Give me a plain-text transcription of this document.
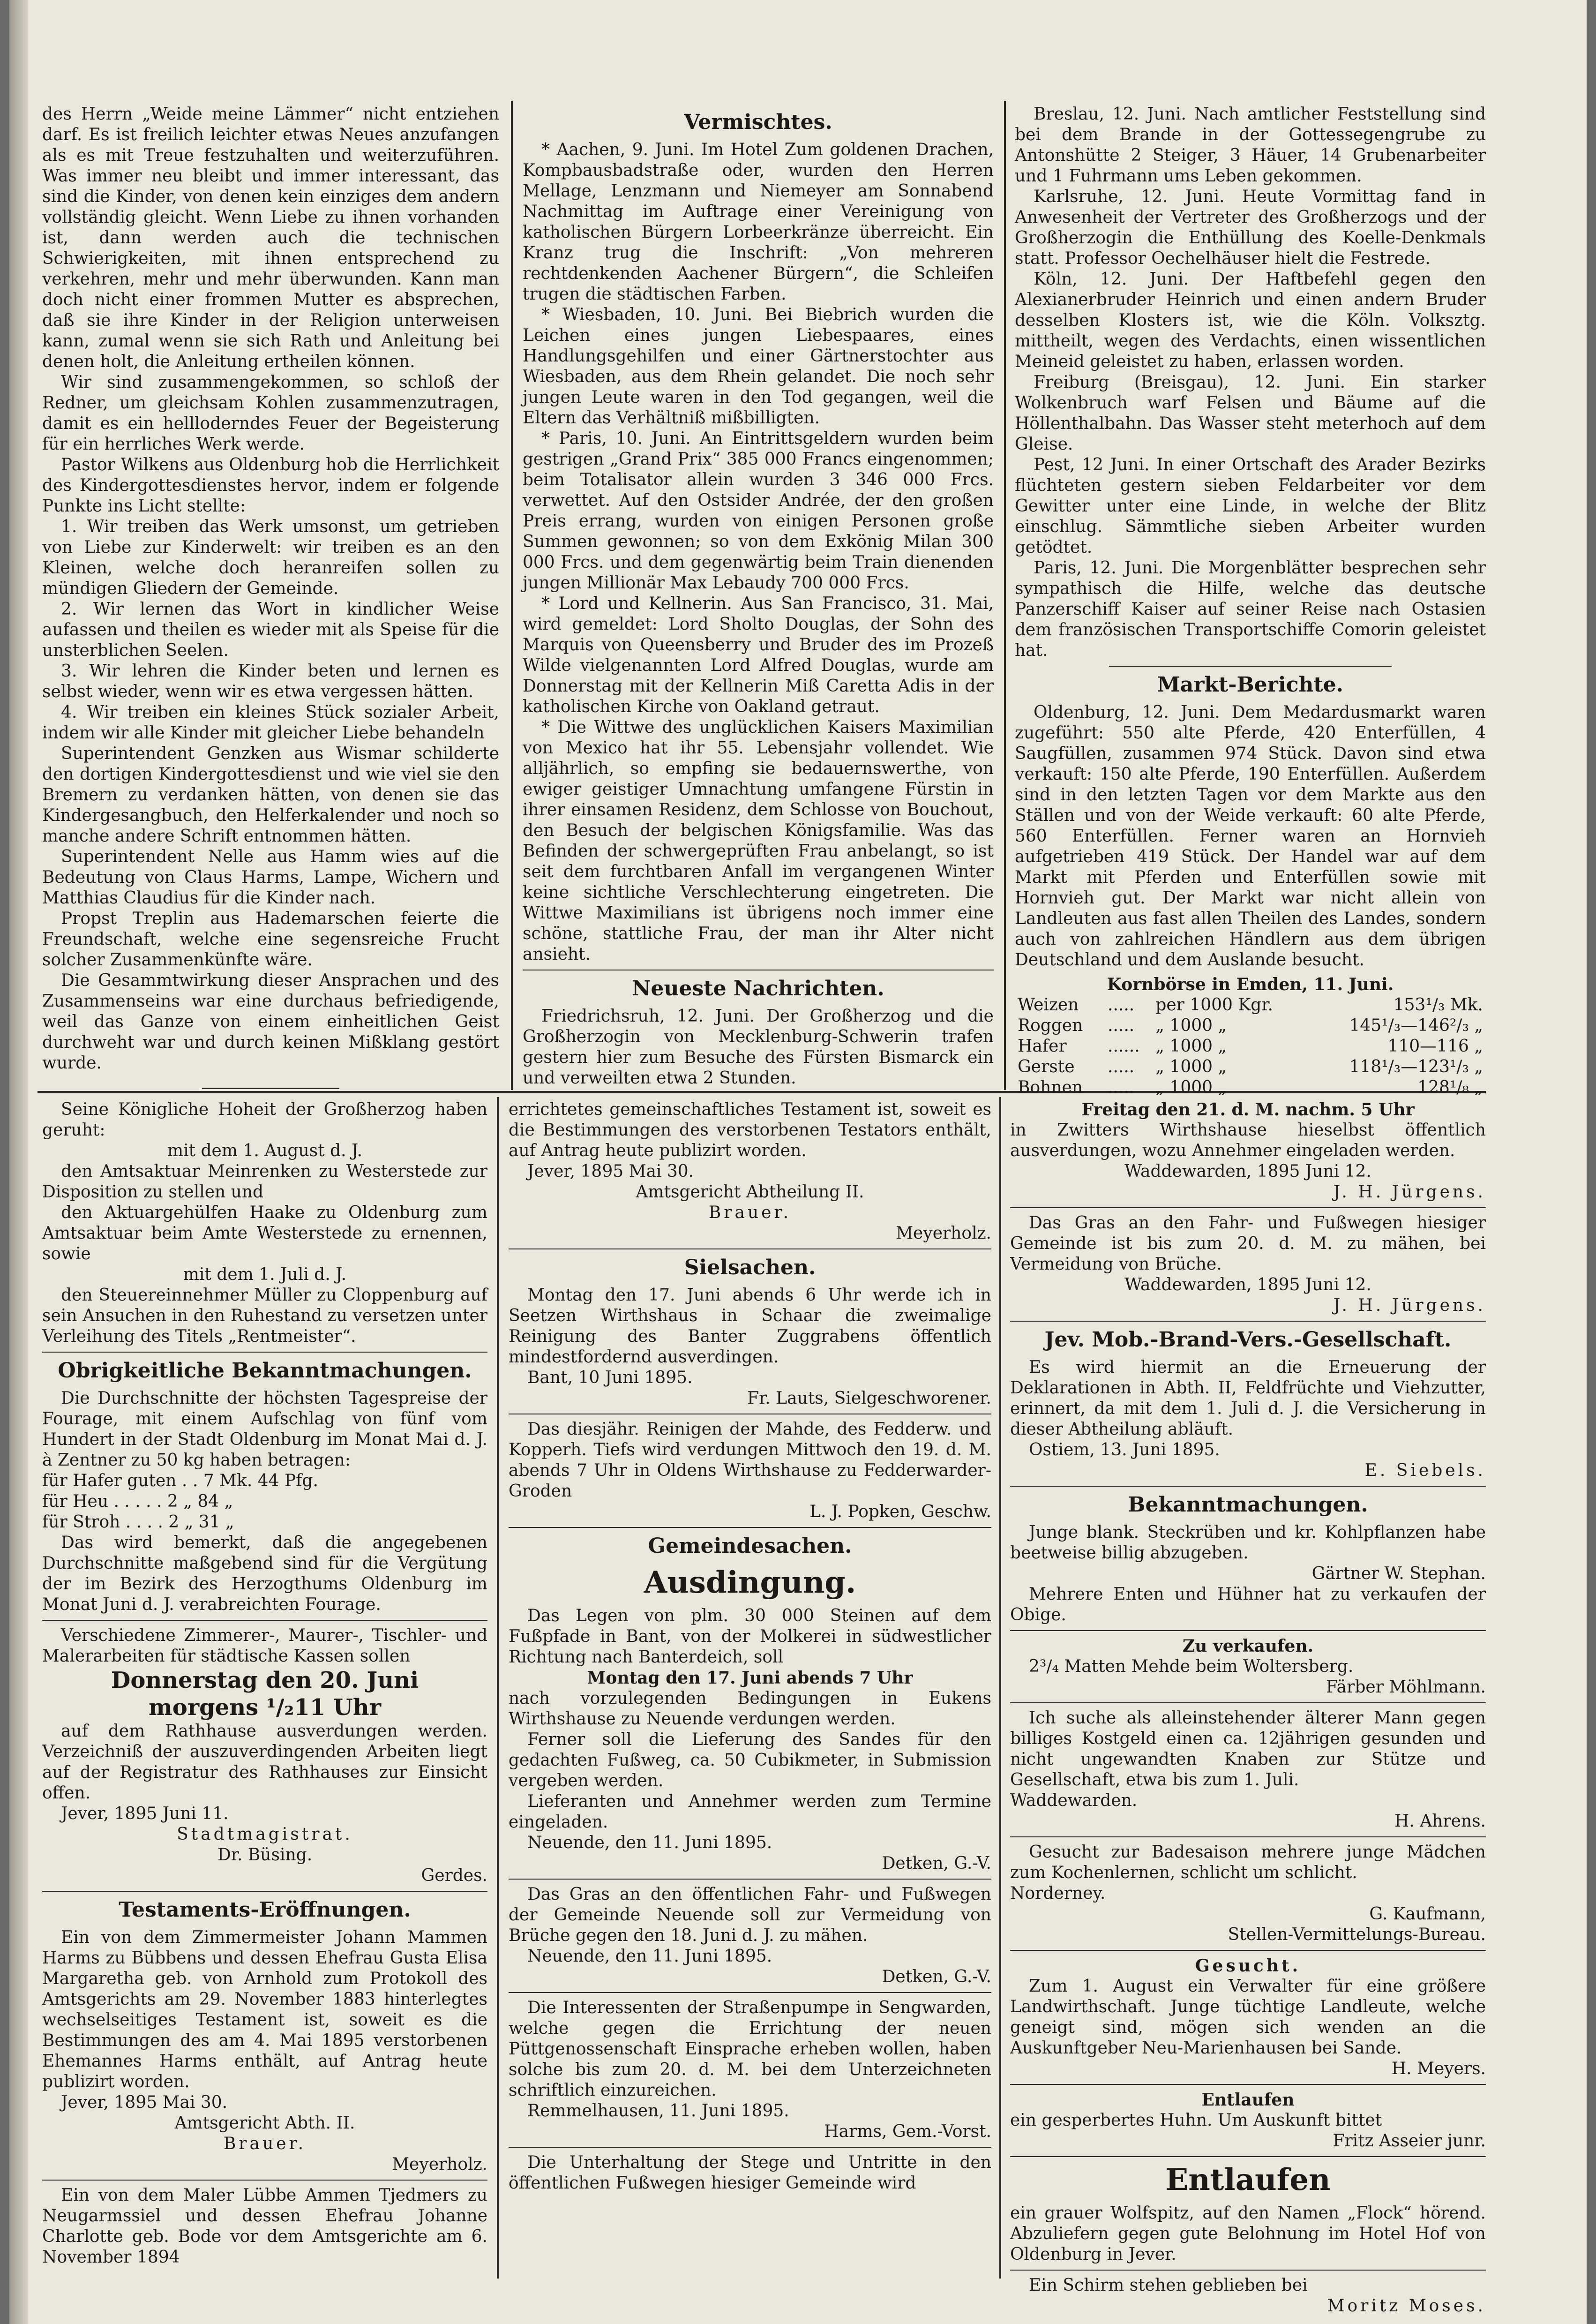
des Herrn „Weide meine Lämmer“ nicht entziehen darf. Es ist freilich leichter etwas Neues anzufangen als es mit Treue festzuhalten und weiterzuführen. Was immer neu bleibt und immer interessant, das sind die Kinder, von denen kein einziges dem andern vollständig gleicht. Wenn Liebe zu ihnen vorhanden ist, dann werden auch die technischen Schwierigkeiten, mit ihnen entsprechend zu verkehren, mehr und mehr überwunden. Kann man doch nicht einer frommen Mutter es absprechen, daß sie ihre Kinder in der Religion unterweisen kann, zumal wenn sie sich Rath und Anleitung bei denen holt, die Anleitung ertheilen können.

Wir sind zusammengekommen, so schloß der Redner, um gleichsam Kohlen zusammenzutragen, damit es ein hellloderndes Feuer der Begeisterung für ein herrliches Werk werde.

Pastor Wilkens aus Oldenburg hob die Herrlichkeit des Kindergottesdienstes hervor, indem er folgende Punkte ins Licht stellte:

1. Wir treiben das Werk umsonst, um getrieben von Liebe zur Kinderwelt: wir treiben es an den Kleinen, welche doch heranreifen sollen zu mündigen Gliedern der Gemeinde.

2. Wir lernen das Wort in kindlicher Weise aufassen und theilen es wieder mit als Speise für die unsterblichen Seelen.

3. Wir lehren die Kinder beten und lernen es selbst wieder, wenn wir es etwa vergessen hätten.

4. Wir treiben ein kleines Stück sozialer Arbeit, indem wir alle Kinder mit gleicher Liebe behandeln

Superintendent Genzken aus Wismar schilderte den dortigen Kindergottesdienst und wie viel sie den Bremern zu verdanken hätten, von denen sie das Kindergesangbuch, den Helferkalender und noch so manche andere Schrift entnommen hätten.

Superintendent Nelle aus Hamm wies auf die Bedeutung von Claus Harms, Lampe, Wichern und Matthias Claudius für die Kinder nach.

Propst Treplin aus Hademarschen feierte die Freundschaft, welche eine segensreiche Frucht solcher Zusammenkünfte wäre.

Die Gesammtwirkung dieser Ansprachen und des Zusammenseins war eine durchaus befriedigende, weil das Ganze von einem einheitlichen Geist durchweht war und durch keinen Mißklang gestört wurde.

Vermischtes.

* Aachen, 9. Juni. Im Hotel Zum goldenen Drachen, Kompbausbadstraße oder, wurden den Herren Mellage, Lenzmann und Niemeyer am Sonnabend Nachmittag im Auftrage einer Vereinigung von katholischen Bürgern Lorbeerkränze überreicht. Ein Kranz trug die Inschrift: „Von mehreren rechtdenkenden Aachener Bürgern“, die Schleifen trugen die städtischen Farben.

* Wiesbaden, 10. Juni. Bei Biebrich wurden die Leichen eines jungen Liebespaares, eines Handlungsgehilfen und einer Gärtnerstochter aus Wiesbaden, aus dem Rhein gelandet. Die noch sehr jungen Leute waren in den Tod gegangen, weil die Eltern das Verhältniß mißbilligten.

* Paris, 10. Juni. An Eintrittsgeldern wurden beim gestrigen „Grand Prix“ 385 000 Francs eingenommen; beim Totalisator allein wurden 3 346 000 Frcs. verwettet. Auf den Ostsider Andrée, der den großen Preis errang, wurden von einigen Personen große Summen gewonnen; so von dem Exkönig Milan 300 000 Frcs. und dem gegenwärtig beim Train dienenden jungen Millionär Max Lebaudy 700 000 Frcs.

* Lord und Kellnerin. Aus San Francisco, 31. Mai, wird gemeldet: Lord Sholto Douglas, der Sohn des Marquis von Queensberry und Bruder des im Prozeß Wilde vielgenannten Lord Alfred Douglas, wurde am Donnerstag mit der Kellnerin Miß Caretta Adis in der katholischen Kirche von Oakland getraut.

* Die Wittwe des unglücklichen Kaisers Maximilian von Mexico hat ihr 55. Lebensjahr vollendet. Wie alljährlich, so empfing sie bedauernswerthe, von ewiger geistiger Umnachtung umfangene Fürstin in ihrer einsamen Residenz, dem Schlosse von Bouchout, den Besuch der belgischen Königsfamilie. Was das Befinden der schwergeprüften Frau anbelangt, so ist seit dem furchtbaren Anfall im vergangenen Winter keine sichtliche Verschlechterung eingetreten. Die Wittwe Maximilians ist übrigens noch immer eine schöne, stattliche Frau, der man ihr Alter nicht ansieht.

Neueste Nachrichten.

Friedrichsruh, 12. Juni. Der Großherzog und die Großherzogin von Mecklenburg-Schwerin trafen gestern hier zum Besuche des Fürsten Bismarck ein und verweilten etwa 2 Stunden.

Breslau, 12. Juni. Nach amtlicher Feststellung sind bei dem Brande in der Gottessegengrube zu Antonshütte 2 Steiger, 3 Häuer, 14 Grubenarbeiter und 1 Fuhrmann ums Leben gekommen.

Karlsruhe, 12. Juni. Heute Vormittag fand in Anwesenheit der Vertreter des Großherzogs und der Großherzogin die Enthüllung des Koelle-Denkmals statt. Professor Oechelhäuser hielt die Festrede.

Köln, 12. Juni. Der Haftbefehl gegen den Alexianerbruder Heinrich und einen andern Bruder desselben Klosters ist, wie die Köln. Volksztg. mittheilt, wegen des Verdachts, einen wissentlichen Meineid geleistet zu haben, erlassen worden.

Freiburg (Breisgau), 12. Juni. Ein starker Wolkenbruch warf Felsen und Bäume auf die Höllenthalbahn. Das Wasser steht meterhoch auf dem Gleise.

Pest, 12 Juni. In einer Ortschaft des Arader Bezirks flüchteten gestern sieben Feldarbeiter vor dem Gewitter unter eine Linde, in welche der Blitz einschlug. Sämmtliche sieben Arbeiter wurden getödtet.

Paris, 12. Juni. Die Morgenblätter besprechen sehr sympathisch die Hilfe, welche das deutsche Panzerschiff Kaiser auf seiner Reise nach Ostasien dem französischen Transportschiffe Comorin geleistet hat.

Markt-Berichte.

Oldenburg, 12. Juni. Dem Medardusmarkt waren zugeführt: 550 alte Pferde, 420 Enterfüllen, 4 Saugfüllen, zusammen 974 Stück. Davon sind etwa verkauft: 150 alte Pferde, 190 Enterfüllen. Außerdem sind in den letzten Tagen vor dem Markte aus den Ställen und von der Weide verkauft: 60 alte Pferde, 560 Enterfüllen. Ferner waren an Hornvieh aufgetrieben 419 Stück. Der Handel war auf dem Markt mit Pferden und Enterfüllen sowie mit Hornvieh gut. Der Markt war nicht allein von Landleuten aus fast allen Theilen des Landes, sondern auch von zahlreichen Händlern aus dem übrigen Deutschland und dem Auslande besucht.

Kornbörse in Emden, 11. Juni.
Weizen	.....	per 1000 Kgr.	153¹/₃ Mk.
Roggen	.....	„ 1000 „	145¹/₃—146²/₃ „
Hafer	......	„ 1000 „	110—116 „
Gerste	.....	„ 1000 „	118¹/₃—123¹/₃ „
Bohnen	.....	„ 1000 „	128¹/₈ „

Seine Königliche Hoheit der Großherzog haben geruht:

mit dem 1. August d. J.

den Amtsaktuar Meinrenken zu Westerstede zur Disposition zu stellen und

den Aktuargehülfen Haake zu Oldenburg zum Amtsaktuar beim Amte Westerstede zu ernennen, sowie

mit dem 1. Juli d. J.

den Steuereinnehmer Müller zu Cloppenburg auf sein Ansuchen in den Ruhestand zu versetzen unter Verleihung des Titels „Rentmeister“.

Obrigkeitliche Bekanntmachungen.

Die Durchschnitte der höchsten Tagespreise der Fourage, mit einem Aufschlag von fünf vom Hundert in der Stadt Oldenburg im Monat Mai d. J. à Zentner zu 50 kg haben betragen:

für Hafer guten . . 7 Mk. 44 Pfg.

für Heu . . . . . 2 „ 84 „

für Stroh . . . . 2 „ 31 „

Das wird bemerkt, daß die angegebenen Durchschnitte maßgebend sind für die Vergütung der im Bezirk des Herzogthums Oldenburg im Monat Juni d. J. verabreichten Fourage.

Verschiedene Zimmerer-, Maurer-, Tischler- und Malerarbeiten für städtische Kassen sollen

Donnerstag den 20. Juni
morgens ¹/₂11 Uhr

auf dem Rathhause ausverdungen werden. Verzeichniß der auszuverdingenden Arbeiten liegt auf der Registratur des Rathhauses zur Einsicht offen.

Jever, 1895 Juni 11.

Stadtmagistrat.

Dr. Büsing.

Gerdes.

Testaments-Eröffnungen.

Ein von dem Zimmermeister Johann Mammen Harms zu Bübbens und dessen Ehefrau Gusta Elisa Margaretha geb. von Arnhold zum Protokoll des Amtsgerichts am 29. November 1883 hinterlegtes wechselseitiges Testament ist, soweit es die Bestimmungen des am 4. Mai 1895 verstorbenen Ehemannes Harms enthält, auf Antrag heute publizirt worden.

Jever, 1895 Mai 30.

Amtsgericht Abth. II.

Brauer.

Meyerholz.

Ein von dem Maler Lübbe Ammen Tjedmers zu Neugarmssiel und dessen Ehefrau Johanne Charlotte geb. Bode vor dem Amtsgerichte am 6. November 1894

errichtetes gemeinschaftliches Testament ist, soweit es die Bestimmungen des verstorbenen Testators enthält, auf Antrag heute publizirt worden.

Jever, 1895 Mai 30.

Amtsgericht Abtheilung II.

Brauer.

Meyerholz.

Sielsachen.

Montag den 17. Juni abends 6 Uhr werde ich in Seetzen Wirthshaus in Schaar die zweimalige Reinigung des Banter Zuggrabens öffentlich mindestfordernd ausverdingen.

Bant, 10 Juni 1895.

Fr. Lauts, Sielgeschworener.

Das diesjähr. Reinigen der Mahde, des Fedderw. und Kopperh. Tiefs wird verdungen Mittwoch den 19. d. M. abends 7 Uhr in Oldens Wirthshause zu Fedderwarder-Groden

L. J. Popken, Geschw.

Gemeindesachen.
Ausdingung.

Das Legen von plm. 30 000 Steinen auf dem Fußpfade in Bant, von der Molkerei in südwestlicher Richtung nach Banterdeich, soll

Montag den 17. Juni abends 7 Uhr

nach vorzulegenden Bedingungen in Eukens Wirthshause zu Neuende verdungen werden.

Ferner soll die Lieferung des Sandes für den gedachten Fußweg, ca. 50 Cubikmeter, in Submission vergeben werden.

Lieferanten und Annehmer werden zum Termine eingeladen.

Neuende, den 11. Juni 1895.

Detken, G.-V.

Das Gras an den öffentlichen Fahr- und Fußwegen der Gemeinde Neuende soll zur Vermeidung von Brüche gegen den 18. Juni d. J. zu mähen.

Neuende, den 11. Juni 1895.

Detken, G.-V.

Die Interessenten der Straßenpumpe in Sengwarden, welche gegen die Errichtung der neuen Püttgenossenschaft Einsprache erheben wollen, haben solche bis zum 20. d. M. bei dem Unterzeichneten schriftlich einzureichen.

Remmelhausen, 11. Juni 1895.

Harms, Gem.-Vorst.

Die Unterhaltung der Stege und Untritte in den öffentlichen Fußwegen hiesiger Gemeinde wird

Freitag den 21. d. M. nachm. 5 Uhr

in Zwitters Wirthshause hieselbst öffentlich ausverdungen, wozu Annehmer eingeladen werden.

Waddewarden, 1895 Juni 12.

J. H. Jürgens.

Das Gras an den Fahr- und Fußwegen hiesiger Gemeinde ist bis zum 20. d. M. zu mähen, bei Vermeidung von Brüche.

Waddewarden, 1895 Juni 12.

J. H. Jürgens.

Jev. Mob.-Brand-Vers.-Gesellschaft.

Es wird hiermit an die Erneuerung der Deklarationen in Abth. II, Feldfrüchte und Viehzutter, erinnert, da mit dem 1. Juli d. J. die Versicherung in dieser Abtheilung abläuft.

Ostiem, 13. Juni 1895.

E. Siebels.

Bekanntmachungen.

Junge blank. Steckrüben und kr. Kohlpflanzen habe beetweise billig abzugeben.

Gärtner W. Stephan.

Mehrere Enten und Hühner hat zu verkaufen der Obige.

Zu verkaufen.

2³/₄ Matten Mehde beim Woltersberg.

Färber Möhlmann.

Ich suche als alleinstehender älterer Mann gegen billiges Kostgeld einen ca. 12jährigen gesunden und nicht ungewandten Knaben zur Stütze und Gesellschaft, etwa bis zum 1. Juli.

Waddewarden.

H. Ahrens.

Gesucht zur Badesaison mehrere junge Mädchen zum Kochenlernen, schlicht um schlicht.

Norderney.

G. Kaufmann,

Stellen-Vermittelungs-Bureau.

Gesucht.

Zum 1. August ein Verwalter für eine größere Landwirthschaft. Junge tüchtige Landleute, welche geneigt sind, mögen sich wenden an die Auskunftgeber Neu-Marienhausen bei Sande.

H. Meyers.

Entlaufen

ein gesperbertes Huhn. Um Auskunft bittet

Fritz Asseier junr.

Entlaufen

ein grauer Wolfspitz, auf den Namen „Flock“ hörend. Abzuliefern gegen gute Belohnung im Hotel Hof von Oldenburg in Jever.

Ein Schirm stehen geblieben bei

Moritz Moses.
